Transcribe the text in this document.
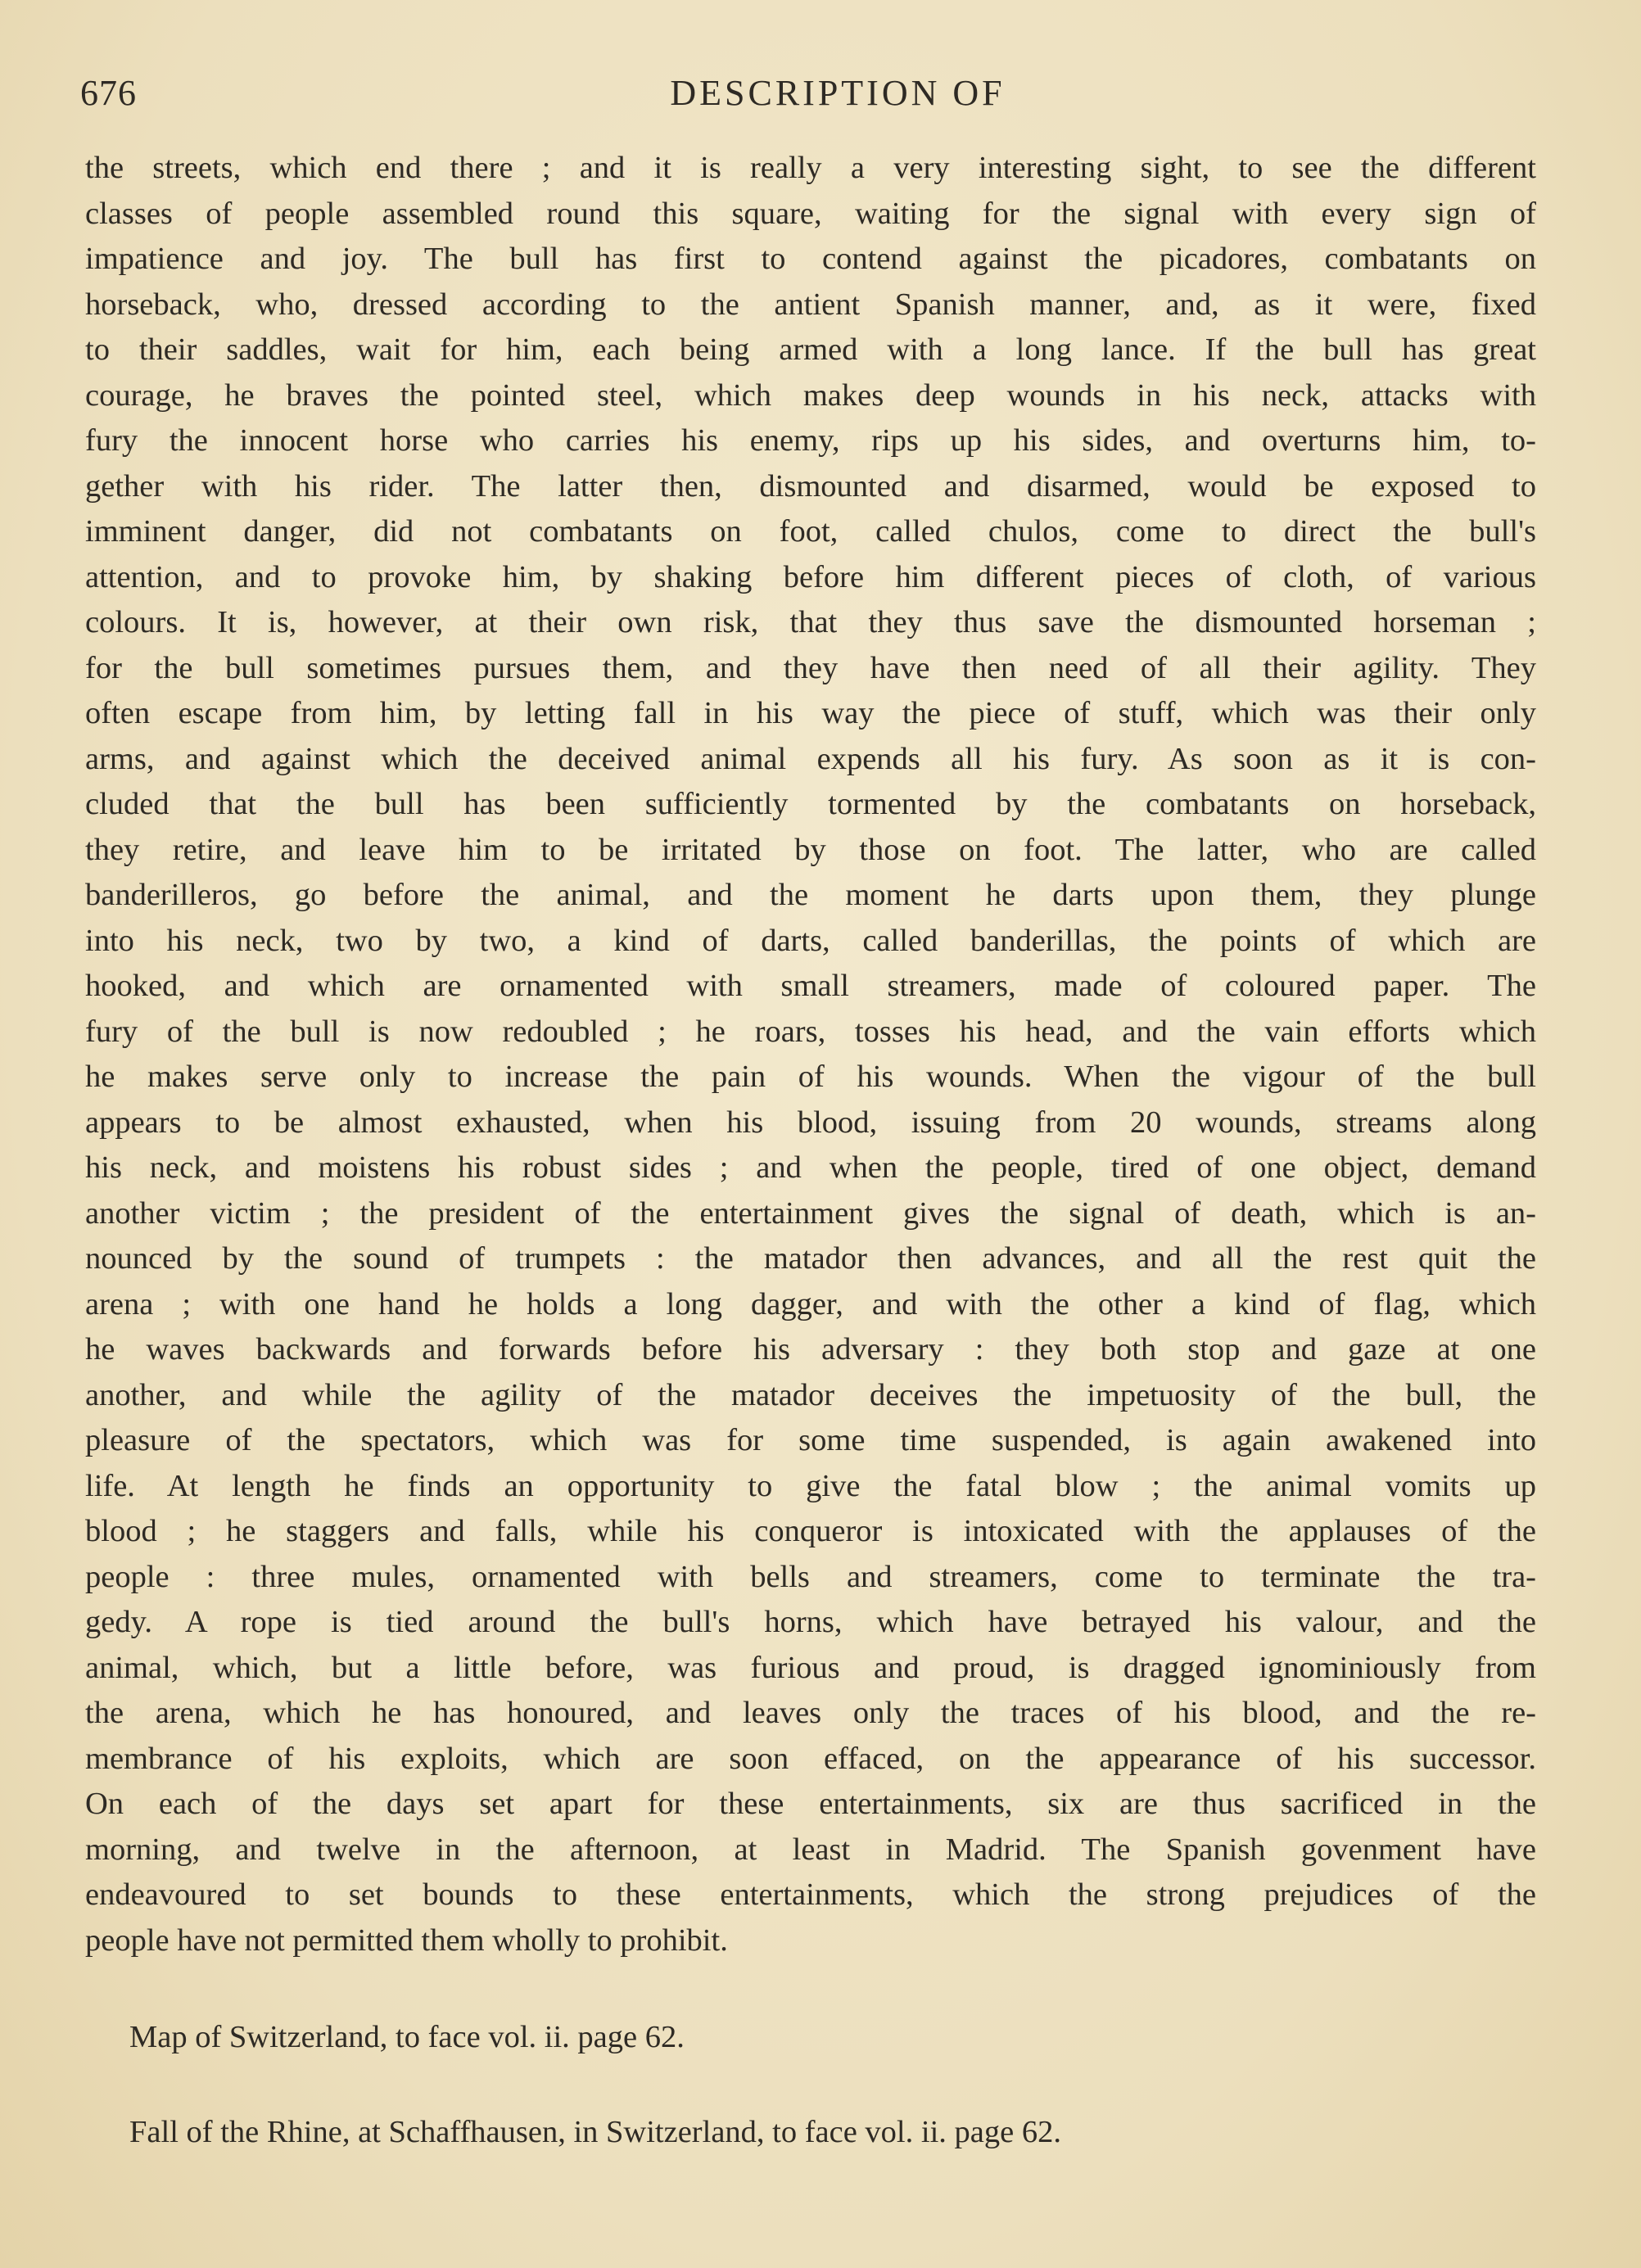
676	DESCRIPTION OF
the streets, which end there ; and it is really a very interesting sight, to see the different
classes of people assembled round this square, waiting for the signal with every sign of
impatience and joy. The bull has first to contend against the picadores, combatants on
horseback, who, dressed according to the antient Spanish manner, and, as it were, fixed
to their saddles, wait for him, each being armed with a long lance. If the bull has great
courage, he braves the pointed steel, which makes deep wounds in his neck, attacks with
fury the innocent horse who carries his enemy, rips up his sides, and overturns him, to-
gether with his rider. The latter then, dismounted and disarmed, would be exposed to
imminent danger, did not combatants on foot, called chulos, come to direct the bull's
attention, and to provoke him, by shaking before him different pieces of cloth, of various
colours. It is, however, at their own risk, that they thus save the dismounted horseman ;
for the bull sometimes pursues them, and they have then need of all their agility. They
often escape from him, by letting fall in his way the piece of stuff, which was their only
arms, and against which the deceived animal expends all his fury. As soon as it is con-
cluded that the bull has been sufficiently tormented by the combatants on horseback,
they retire, and leave him to be irritated by those on foot. The latter, who are called
banderilleros, go before the animal, and the moment he darts upon them, they plunge
into his neck, two by two, a kind of darts, called banderillas, the points of which are
hooked, and which are ornamented with small streamers, made of coloured paper. The
fury of the bull is now redoubled ; he roars, tosses his head, and the vain efforts which
he makes serve only to increase the pain of his wounds. When the vigour of the bull
appears to be almost exhausted, when his blood, issuing from 20 wounds, streams along
his neck, and moistens his robust sides ; and when the people, tired of one object, demand
another victim ; the president of the entertainment gives the signal of death, which is an-
nounced by the sound of trumpets : the matador then advances, and all the rest quit the
arena ; with one hand he holds a long dagger, and with the other a kind of flag, which
he waves backwards and forwards before his adversary : they both stop and gaze at one
another, and while the agility of the matador deceives the impetuosity of the bull, the
pleasure of the spectators, which was for some time suspended, is again awakened into
life. At length he finds an opportunity to give the fatal blow ; the animal vomits up
blood ; he staggers and falls, while his conqueror is intoxicated with the applauses of the
people : three mules, ornamented with bells and streamers, come to terminate the tra-
gedy. A rope is tied around the bull's horns, which have betrayed his valour, and the
animal, which, but a little before, was furious and proud, is dragged ignominiously from
the arena, which he has honoured, and leaves only the traces of his blood, and the re-
membrance of his exploits, which are soon effaced, on the appearance of his successor.
On each of the days set apart for these entertainments, six are thus sacrificed in the
morning, and twelve in the afternoon, at least in Madrid. The Spanish govenment have
endeavoured to set bounds to these entertainments, which the strong prejudices of the
people have not permitted them wholly to prohibit.
Map of Switzerland, to face vol. ii. page 62.
Fall of the Rhine, at Schaffhausen, in Switzerland, to face vol. ii. page 62.
